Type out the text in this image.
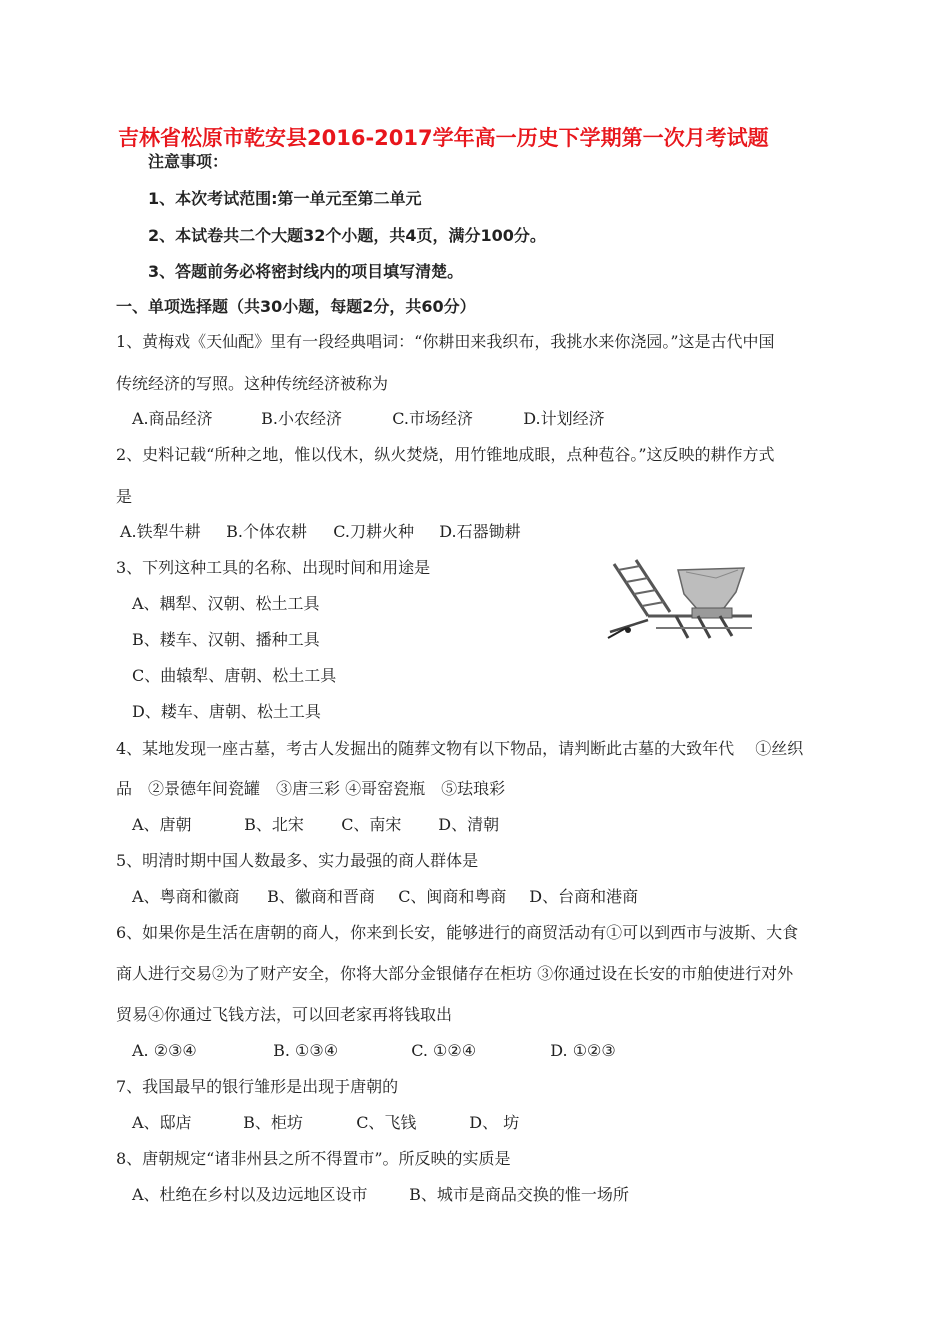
吉林省松原市乾安县2016-2017学年高一历史下学期第一次月考试题
注意事项：
1、本次考试范围:第一单元至第二单元
2、本试卷共二个大题32个小题，共4页，满分100分。
3、答题前务必将密封线内的项目填写清楚。
一、单项选择题（共30小题，每题2分，共60分）
1、黄梅戏《天仙配》里有一段经典唱词：“你耕田来我织布，我挑水来你浇园。”这是古代中国
传统经济的写照。这种传统经济被称为
A.商品经济	B.小农经济	C.市场经济	D.计划经济
2、史料记载“所种之地，惟以伐木，纵火焚烧，用竹锥地成眼，点种苞谷。”这反映的耕作方式
是
A.铁犁牛耕 B.个体农耕 C.刀耕火种 D.石器锄耕
3、下列这种工具的名称、出现时间和用途是
A、耦犁、汉朝、松土工具
B、耧车、汉朝、播种工具
C、曲辕犁、唐朝、松土工具
D、耧车、唐朝、松土工具
4、某地发现一座古墓，考古人发掘出的随葬文物有以下物品，请判断此古墓的大致年代　 ①丝织
品　②景德年间瓷罐　③唐三彩 ④哥窑瓷瓶　⑤珐琅彩
A、唐朝	B、北宋 C、南宋 D、清朝
5、明清时期中国人数最多、实力最强的商人群体是
A、粤商和徽商 B、徽商和晋商 C、闽商和粤商 D、台商和港商
6、如果你是生活在唐朝的商人，你来到长安，能够进行的商贸活动有①可以到西市与波斯、大食
商人进行交易②为了财产安全，你将大部分金银储存在柜坊 ③你通过设在长安的市舶使进行对外
贸易④你通过飞钱方法，可以回老家再将钱取出
A. ②③④	B. ①③④	C. ①②④	D. ①②③
7、我国最早的银行雏形是出现于唐朝的
A、邸店	B、柜坊	C、飞钱	D、 坊
8、唐朝规定“诸非州县之所不得置市”。所反映的实质是
A、杜绝在乡村以及边远地区设市	B、城市是商品交换的惟一场所
